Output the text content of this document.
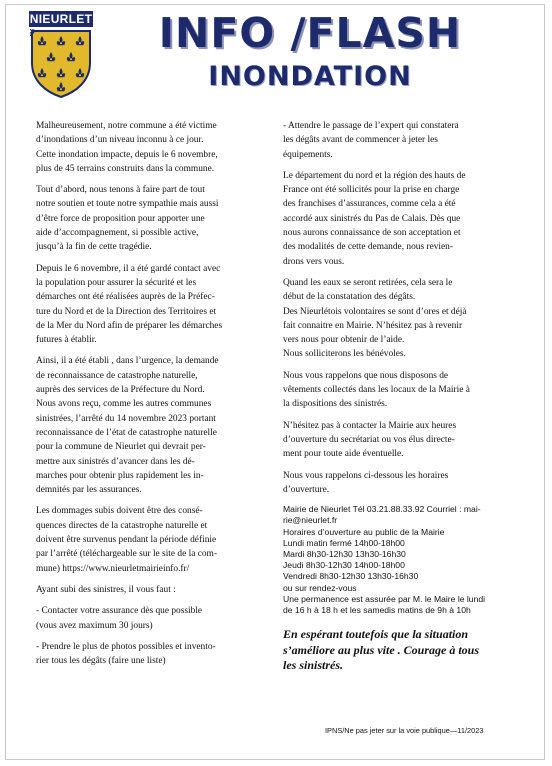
NIEURLET	INFO /FLASH
INONDATION

Malheureusement, notre commune a été victime
d’inondations d’un niveau inconnu à ce jour.
Cette inondation impacte, depuis le 6 novembre,
plus de 45 terrains construits dans la commune.

Tout d’abord, nous tenons à faire part de tout
notre soutien et toute notre sympathie mais aussi
d’être force de proposition pour apporter une
aide d’accompagnement, si possible active,
jusqu’à la fin de cette tragédie.

Depuis le 6 novembre, il a été gardé contact avec
la population pour assurer la sécurité et les
démarches ont été réalisées auprès de la Préfec-
ture du Nord et de la Direction des Territoires et
de la Mer du Nord afin de préparer les démarches
futures à établir.

Ainsi, il a été établi , dans l’urgence, la demande
de reconnaissance de catastrophe naturelle,
auprès des services de la Préfecture du Nord.
Nous avons reçu, comme les autres communes
sinistrées, l’arrêté du 14 novembre 2023 portant
reconnaissance de l’état de catastrophe naturelle
pour la commune de Nieurlet qui devrait per-
mettre aux sinistrés d’avancer dans les dé-
marches pour obtenir plus rapidement les in-
demnités par les assurances.

Les dommages subis doivent être des consé-
quences directes de la catastrophe naturelle et
doivent être survenus pendant la période définie
par l’arrêté (téléchargeable sur le site de la com-
mune) https://www.nieurletmairieinfo.fr/

Ayant subi des sinistres, il vous faut :

- Contacter votre assurance dès que possible
(vous avez maximum 30 jours)

- Prendre le plus de photos possibles et invento-
rier tous les dégâts (faire une liste)

- Attendre le passage de l’expert qui constatera
les dégâts avant de commencer à jeter les
équipements.

Le département du nord et la région des hauts de
France ont été sollicités pour la prise en charge
des franchises d’assurances, comme cela a été
accordé aux sinistrés du Pas de Calais. Dès que
nous aurons connaissance de son acceptation et
des modalités de cette demande, nous revien-
drons vers vous.

Quand les eaux se seront retirées, cela sera le
début de la constatation des dégâts.
Des Nieurlétois volontaires se sont d’ores et déjà
fait connaitre en Mairie. N’hésitez pas à revenir
vers nous pour obtenir de l’aide.
Nous solliciterons les bénévoles.

Nous vous rappelons que nous disposons de
vêtements collectés dans les locaux de la Mairie à
la dispositions des sinistrés.

N’hésitez pas à contacter la Mairie aux heures
d’ouverture du secrétariat ou vos élus directe-
ment pour toute aide éventuelle.

Nous vous rappelons ci-dessous les horaires
d’ouverture.

Mairie de Nieurlet Tél 03.21.88.33.92 Courriel : mai-
rie@nieurlet.fr
Horaires d’ouverture au public de la Mairie
Lundi matin fermé 14h00-18h00
Mardi 8h30-12h30 13h30-16h30
Jeudi 8h30-12h30 14h00-18h00
Vendredi 8h30-12h30 13h30-16h30
ou sur rendez-vous
Une permanence est assurée par M. le Maire le lundi
de 16 h à 18 h et les samedis matins de 9h à 10h
En espérant toutefois que la situation
s’améliore au plus vite . Courage à tous
les sinistrés.
IPNS/Ne pas jeter sur la voie publique—11/2023
